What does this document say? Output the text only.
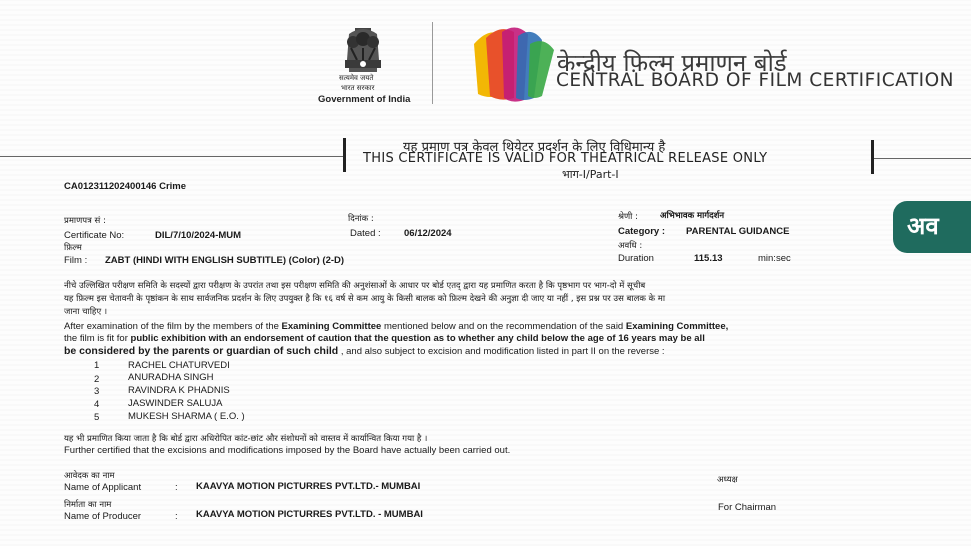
सत्यमेव जयते
भारत सरकार
Government of India
केन्द्रीय फ़िल्म प्रमाणन बोर्ड
CENTRAL BOARD OF FILM CERTIFICATION
यह प्रमाण पत्र केवल थियेटर प्रदर्शन के लिए विधिमान्य है
THIS CERTIFICATE IS VALID FOR THEATRICAL RELEASE ONLY
भाग-I/Part-I
CA012311202400146 Crime
प्रमाणपत्र सं :
Certificate No:	DIL/7/10/2024-MUM
दिनांक :
Dated : 06/12/2024
श्रेणी :	अभिभावक मार्गदर्शन
Category : PARENTAL GUIDANCE	अव
फ़िल्म
Film : ZABT (HINDI WITH ENGLISH SUBTITLE) (Color) (2-D)
अवधि :
Duration	115.13	min:sec
नीचे उल्लिखित परीक्षण समिति के सदस्यों द्वारा परीक्षण के उपरांत तथा इस परीक्षण समिति की अनुशंसाओं के आधार पर बोर्ड एतद् द्वारा यह प्रमाणित करता है कि पृष्ठभाग पर भाग-दो में सूचीब
यह फ़िल्म इस चेतावनी के पृष्ठांकन के साथ सार्वजनिक प्रदर्शन के लिए उपयुक्त है कि १६ वर्ष से कम आयु के किसी बालक को फ़िल्म देखने की अनुज्ञा दी जाए या नहीं , इस प्रश्न पर उस बालक के मा
जाना चाहिए ।
After examination of the film by the members of the Examining Committee mentioned below and on the recommendation of the said Examining Committee,
the film is fit for public exhibition with an endorsement of caution that the question as to whether any child below the age of 16 years may be all
be considered by the parents or guardian of such child , and also subject to excision and modification listed in part II on the reverse :
1	RACHEL CHATURVEDI
2	ANURADHA SINGH
3	RAVINDRA K PHADNIS
4	JASWINDER SALUJA
5	MUKESH SHARMA ( E.O. )
यह भी प्रमाणित किया जाता है कि बोर्ड द्वारा अधिरोपित कांट-छांट और संशोधनों को वास्तव में कार्यान्वित किया गया है ।
Further certified that the excisions and modifications imposed by the Board have actually been carried out.
आवेदक का नाम
Name of Applicant	: KAAVYA MOTION PICTURRES PVT.LTD.- MUMBAI
निर्माता का नाम
Name of Producer	: KAAVYA MOTION PICTURRES PVT.LTD. - MUMBAI
अध्यक्ष
For Chairman
